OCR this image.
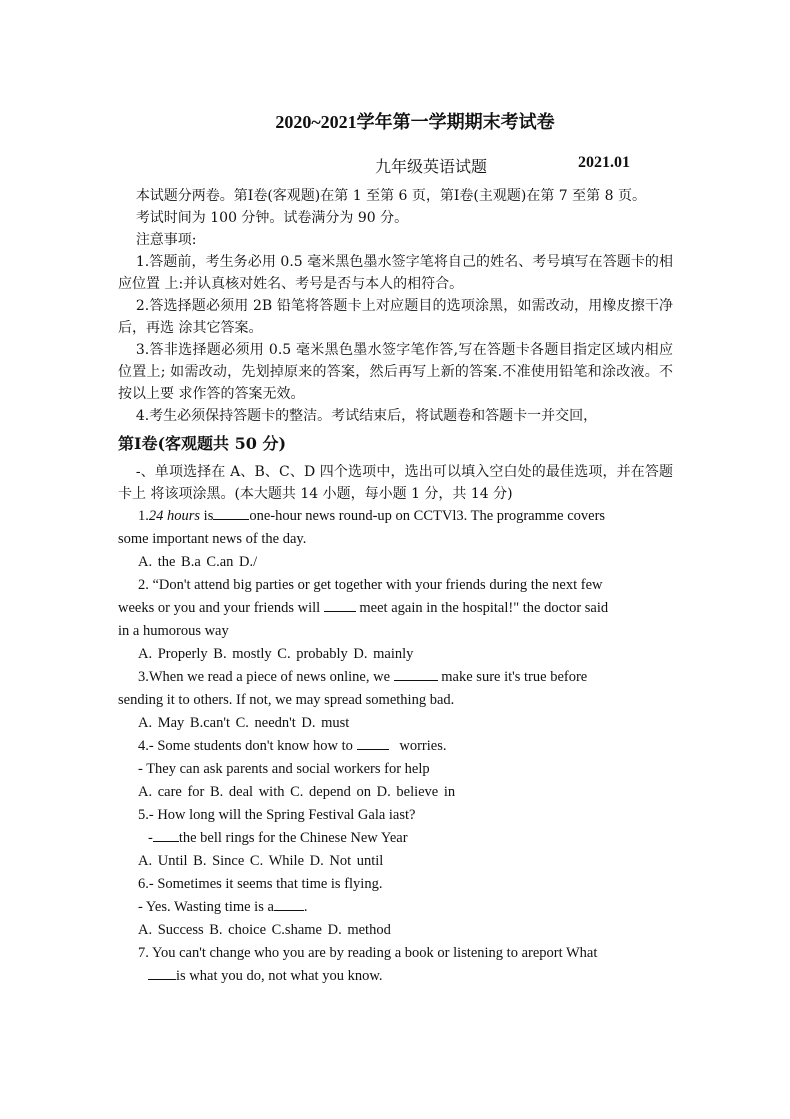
2020~2021学年第一学期期末考试卷
九年级英语试题	2021.01

本试题分两卷。第Ⅰ卷(客观题)在第 1 至第 6 页，第Ⅰ卷(主观题)在第 7 至第 8 页。

考试时间为 100 分钟。试卷满分为 90 分。

注意事项:

1.答题前，考生务必用 0.5 毫米黑色墨水签字笔将自己的姓名、考号填写在答题卡的相应位置 上:并认真核对姓名、考号是否与本人的相符合。

2.答选择题必须用 2B 铅笔将答题卡上对应题目的选项涂黑，如需改动，用橡皮擦干净后，再选 涂其它答案。

3.答非选择题必须用 0.5 毫米黑色墨水签字笔作答,写在答题卡各题目指定区域内相应位置上; 如需改动，先划掉原来的答案，然后再写上新的答案.不准使用铅笔和涂改液。不按以上要 求作答的答案无效。

4.考生必须保持答题卡的整洁。考试结束后，将试题卷和答题卡一并交回，

第Ⅰ卷(客观题共 50 分)

-、单项选择在 A、B、C、D 四个选项中，选出可以填入空白处的最佳选项，并在答题卡上 将该项涂黑。(本大题共 14 小题，每小题 1 分，共 14 分)

1.24 hours is one-hour news round-up on CCTVl3. The programme covers

some important news of the day.

A. the B.a C.an D./

2. “Don't attend big parties or get together with your friends during the next few

weeks or you and your friends will	meet again in the hospital!" the doctor said

in a humorous way

A. Properly B. mostly C. probably D. mainly

3.When we read a piece of news online, we	make sure it's true before

sending it to others. If not, we may spread something bad.

A. May B.can't C. needn't D. must

4.- Some students don't know how to	worries.

- They can ask parents and social workers for help

A. care for B. deal with C. depend on D. believe in

5.- How long will the Spring Festival Gala iast?

- the bell rings for the Chinese New Year

A. Until B. Since C. While D. Not until

6.- Sometimes it seems that time is flying.

- Yes. Wasting time is a .

A. Success B. choice C.shame D. method

7. You can't change who you are by reading a book or listening to areport What

is what you do, not what you know.
